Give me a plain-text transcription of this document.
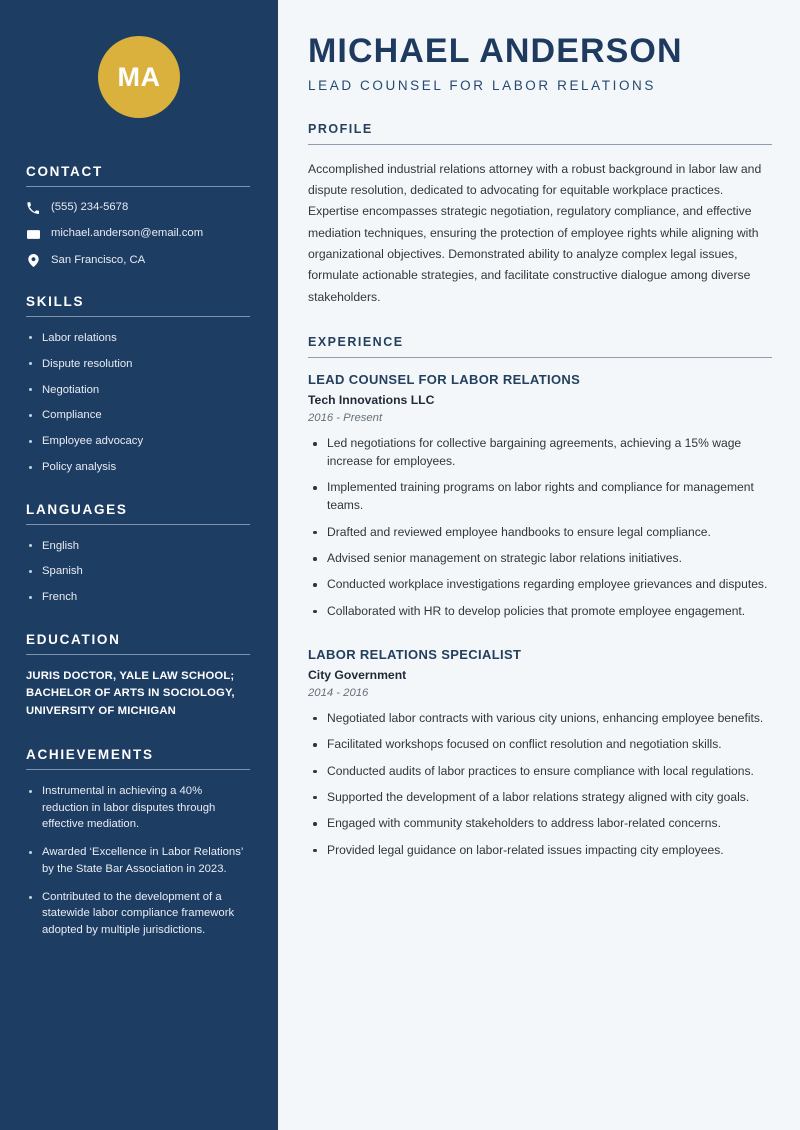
MA
CONTACT
(555) 234-5678
michael.anderson@email.com
San Francisco, CA
SKILLS
Labor relations
Dispute resolution
Negotiation
Compliance
Employee advocacy
Policy analysis
LANGUAGES
English
Spanish
French
EDUCATION

JURIS DOCTOR, YALE LAW SCHOOL; BACHELOR OF ARTS IN SOCIOLOGY, UNIVERSITY OF MICHIGAN

ACHIEVEMENTS
Instrumental in achieving a 40% reduction in labor disputes through effective mediation.
Awarded ‘Excellence in Labor Relations’ by the State Bar Association in 2023.
Contributed to the development of a statewide labor compliance framework adopted by multiple jurisdictions.
MICHAEL ANDERSON
LEAD COUNSEL FOR LABOR RELATIONS
PROFILE

Accomplished industrial relations attorney with a robust background in labor law and dispute resolution, dedicated to advocating for equitable workplace practices. Expertise encompasses strategic negotiation, regulatory compliance, and effective mediation techniques, ensuring the protection of employee rights while aligning with organizational objectives. Demonstrated ability to analyze complex legal issues, formulate actionable strategies, and facilitate constructive dialogue among diverse stakeholders.

EXPERIENCE
LEAD COUNSEL FOR LABOR RELATIONS
Tech Innovations LLC
2016 - Present
Led negotiations for collective bargaining agreements, achieving a 15% wage increase for employees.
Implemented training programs on labor rights and compliance for management teams.
Drafted and reviewed employee handbooks to ensure legal compliance.
Advised senior management on strategic labor relations initiatives.
Conducted workplace investigations regarding employee grievances and disputes.
Collaborated with HR to develop policies that promote employee engagement.
LABOR RELATIONS SPECIALIST
City Government
2014 - 2016
Negotiated labor contracts with various city unions, enhancing employee benefits.
Facilitated workshops focused on conflict resolution and negotiation skills.
Conducted audits of labor practices to ensure compliance with local regulations.
Supported the development of a labor relations strategy aligned with city goals.
Engaged with community stakeholders to address labor-related concerns.
Provided legal guidance on labor-related issues impacting city employees.
